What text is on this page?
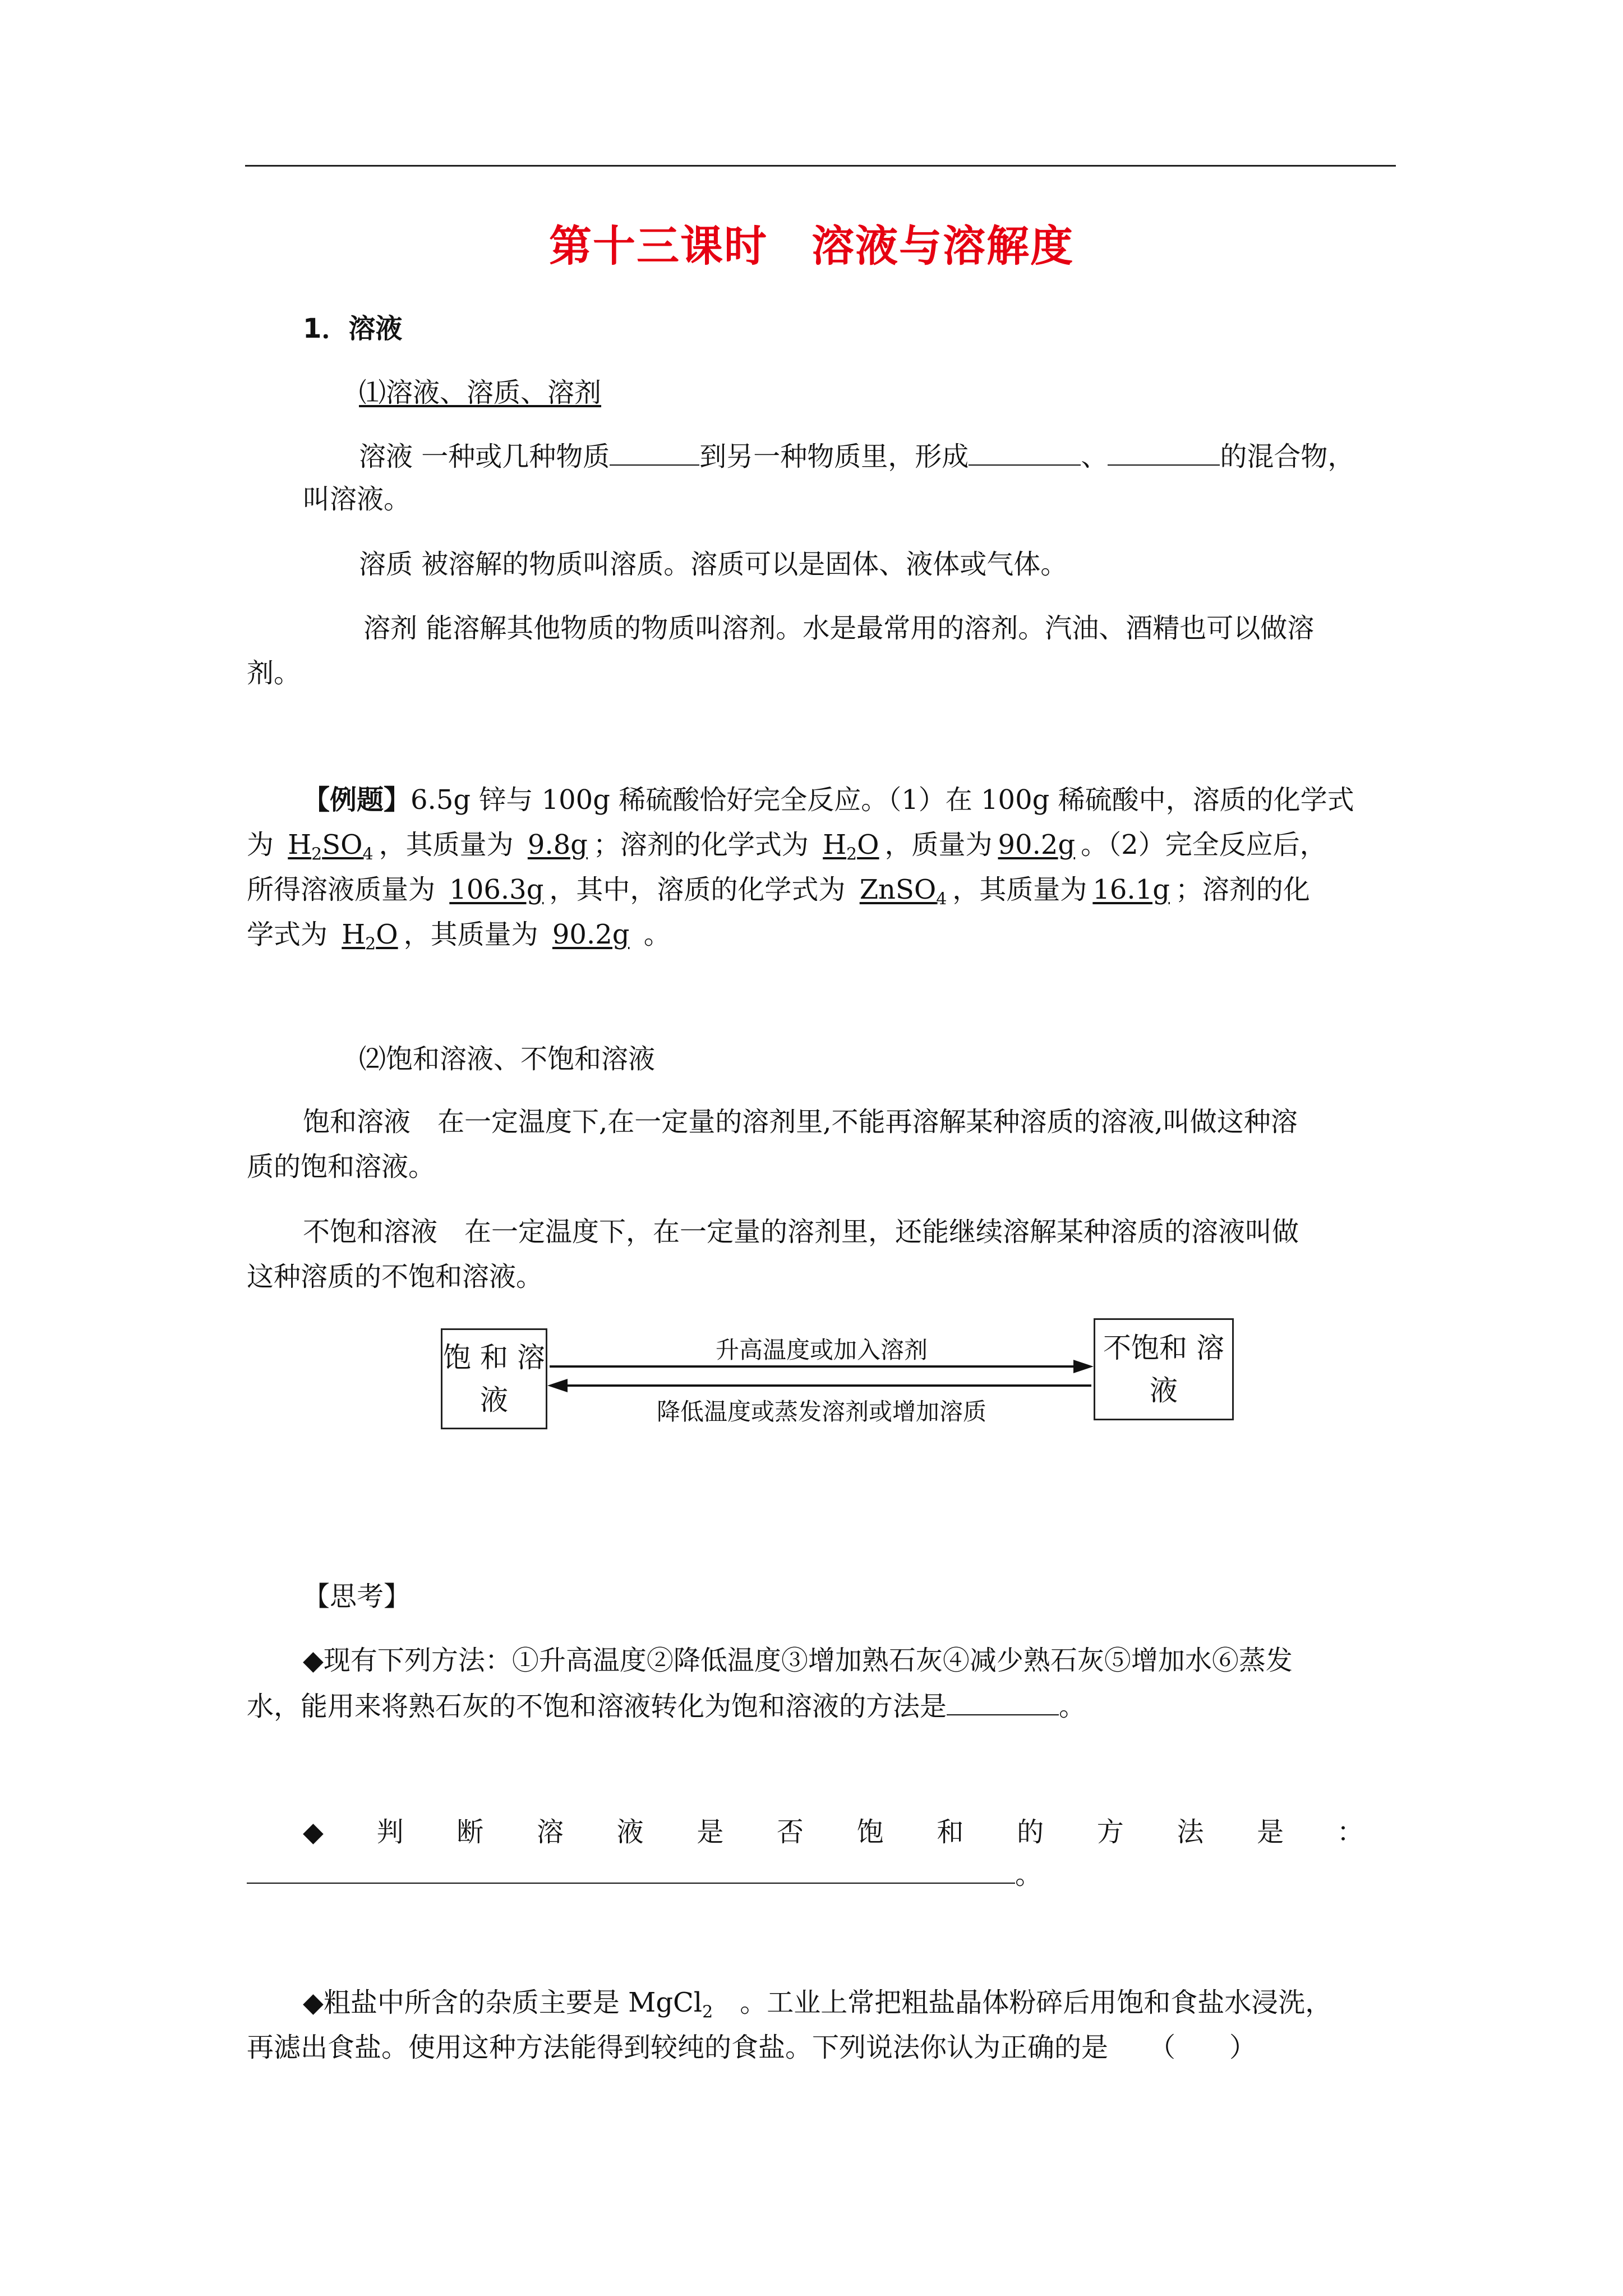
第十三课时　溶液与溶解度
1．溶液
⑴溶液、溶质、溶剂
溶液 一种或几种物质	到另一种物质里，形成	、	的混合物，
叫溶液。
溶质 被溶解的物质叫溶质。溶质可以是固体、液体或气体。
溶剂 能溶解其他物质的物质叫溶剂。水是最常用的溶剂。汽油、酒精也可以做溶
剂。
【例题】6.5g 锌与 100g 稀硫酸恰好完全反应。（1）在 100g 稀硫酸中，溶质的化学式
为 $H_2SO_4$ ，其质量为 9.8g ；溶剂的化学式为 $H_2O$ ，质量为 90.2g 。（2）完全反应后，
所得溶液质量为 106.3g ，其中，溶质的化学式为 ZnSO$_4$ ，其质量为 16.1g ；溶剂的化
学式为 $H_2O$ ，其质量为 90.2g 。
⑵饱和溶液、不饱和溶液
饱和溶液　 在一定温度下,在一定量的溶剂里,不能再溶解某种溶质的溶液,叫做这种溶
质的饱和溶液。
不饱和溶液　 在一定温度下，在一定量的溶剂里，还能继续溶解某种溶质的溶液叫做
这种溶质的不饱和溶液。
饱 和 溶液
不饱和 溶液
升高温度或加入溶剂
降低温度或蒸发溶剂或增加溶质
【思考】
◆现有下列方法：①升高温度②降低温度③增加熟石灰④减少熟石灰⑤增加水⑥蒸发
水，能用来将熟石灰的不饱和溶液转化为饱和溶液的方法是	。
◆ 判 断 溶 液 是 否 饱 和 的 方 法 是 ：
。
◆粗盐中所含的杂质主要是 MgCl$_2$　 。工业上常把粗盐晶体粉碎后用饱和食盐水浸洗，
再滤出食盐。使用这种方法能得到较纯的食盐。下列说法你认为正确的是　　（　　）
